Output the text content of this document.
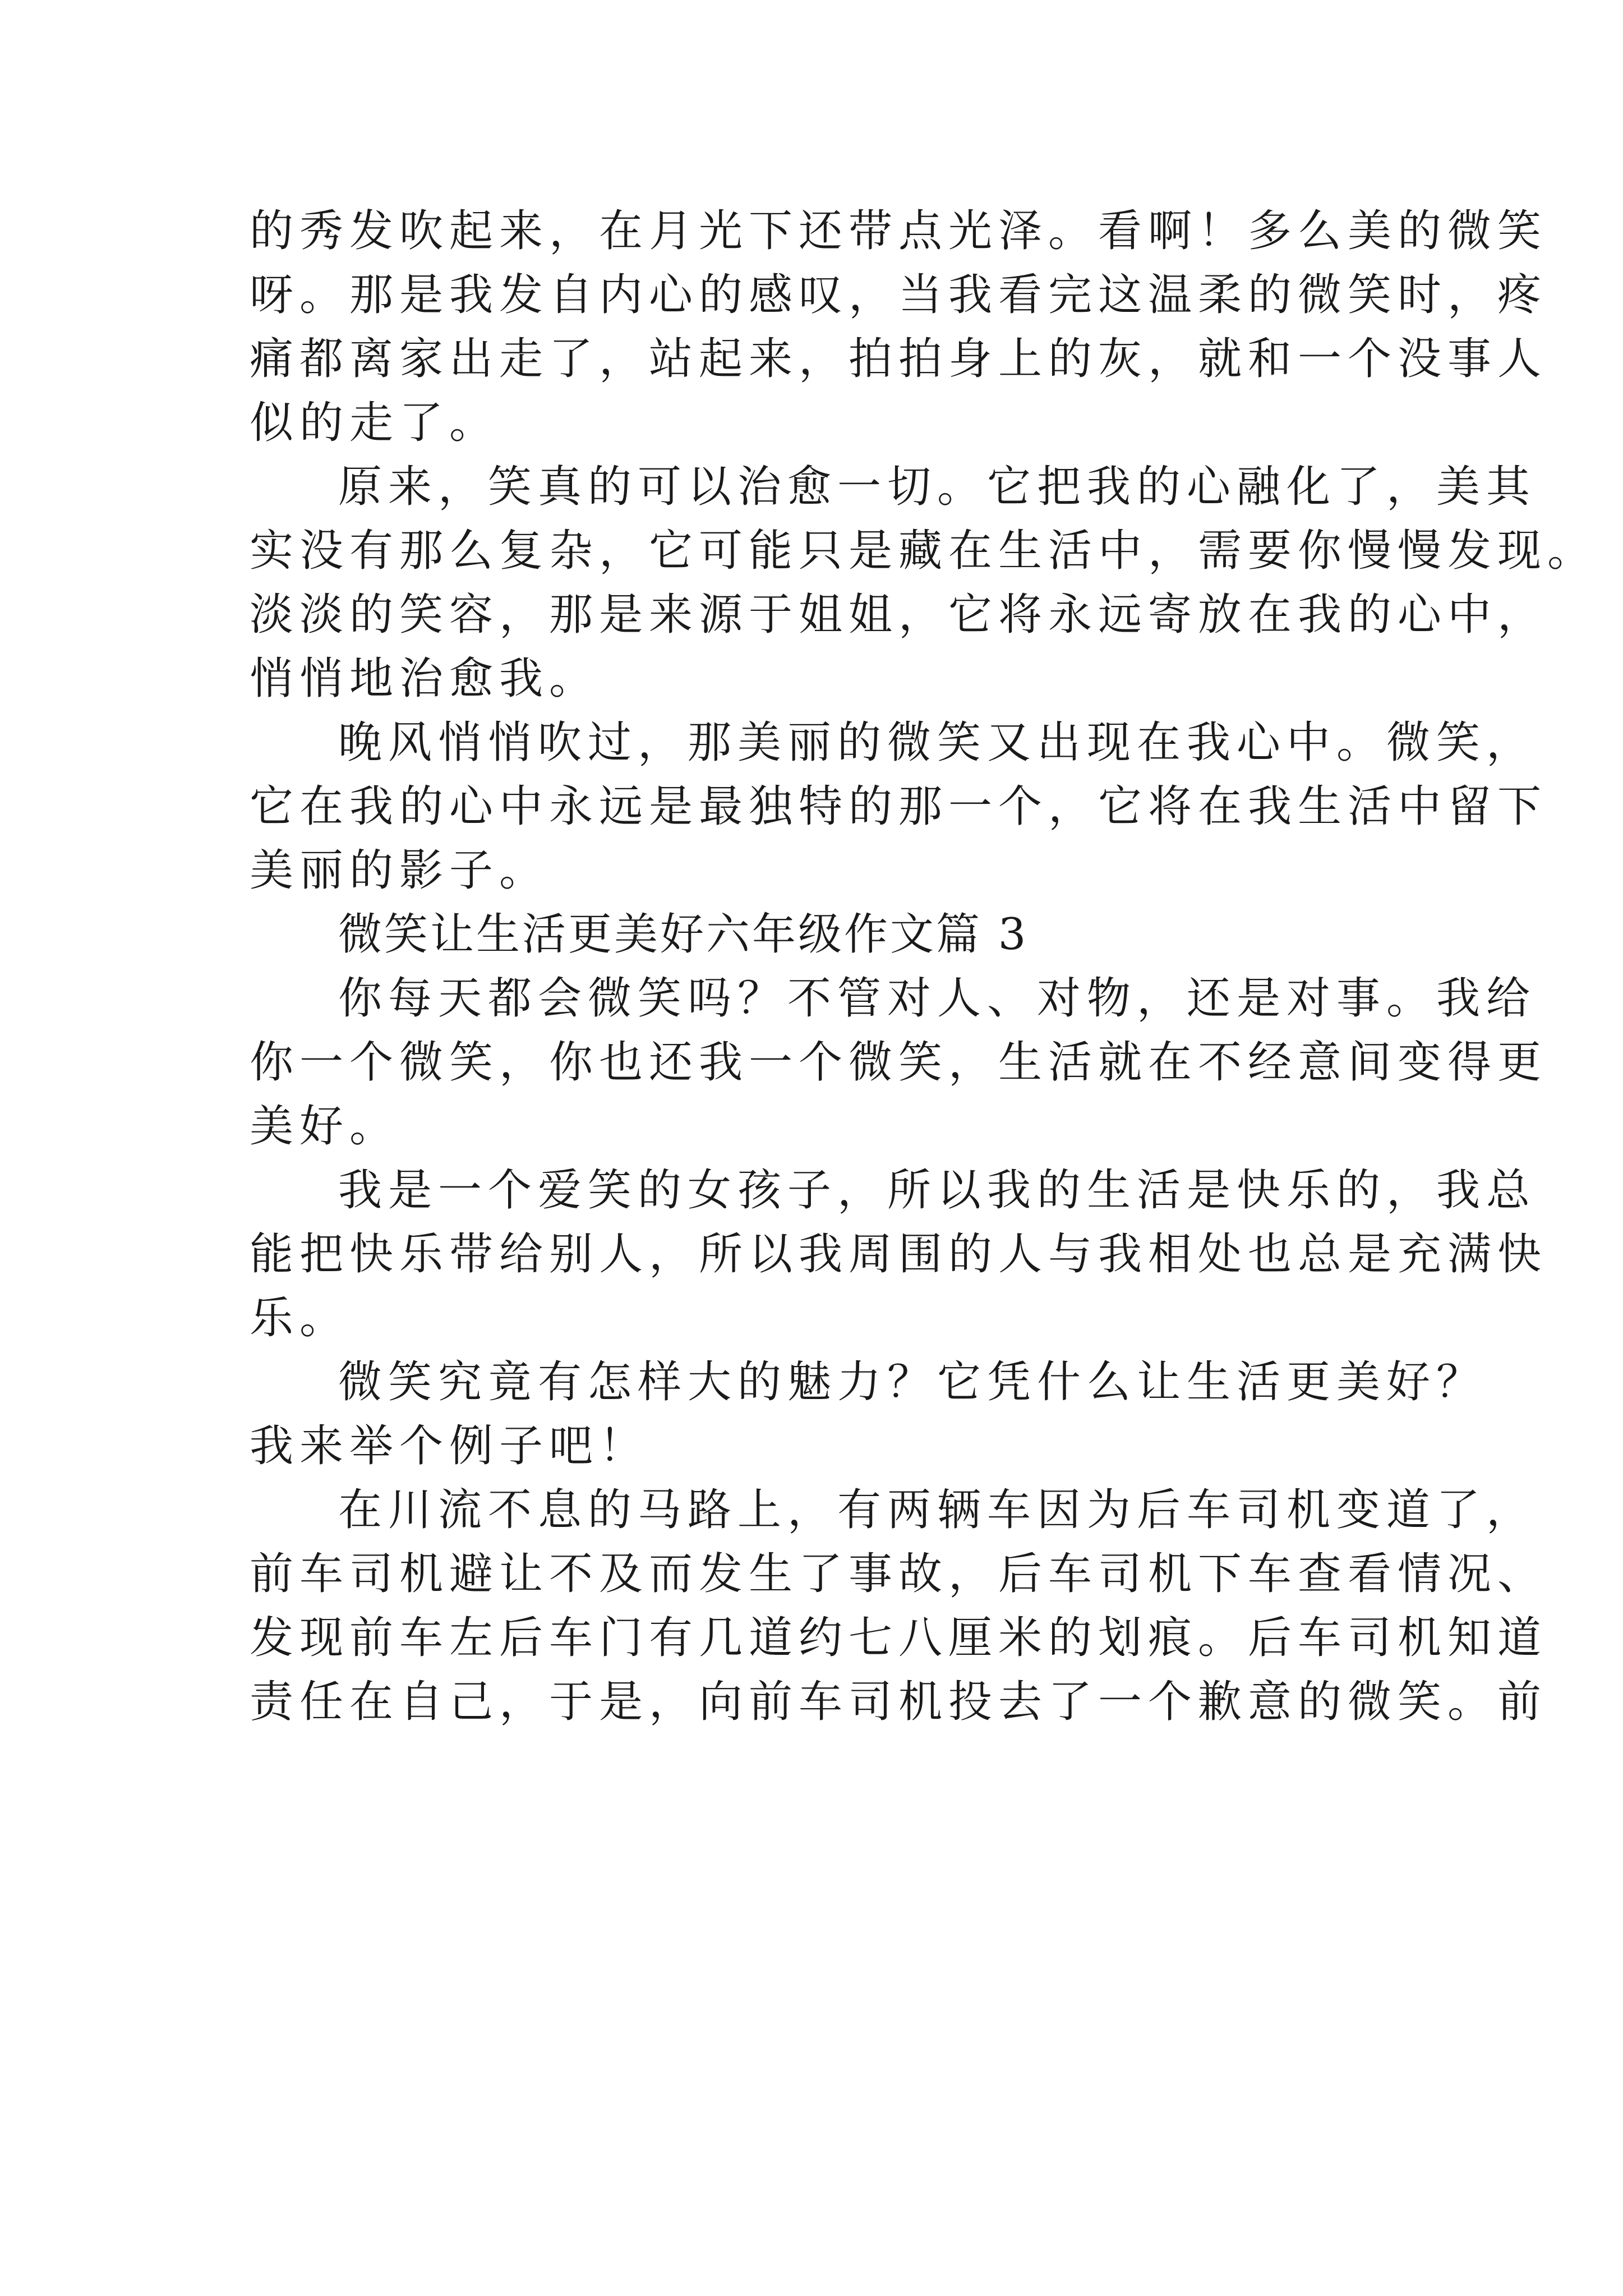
的秀发吹起来，在月光下还带点光泽。看啊！多么美的微笑
呀。那是我发自内心的感叹，当我看完这温柔的微笑时，疼
痛都离家出走了，站起来，拍拍身上的灰，就和一个没事人
似的走了。
原来，笑真的可以治愈一切。它把我的心融化了，美其
实没有那么复杂，它可能只是藏在生活中，需要你慢慢发现。
淡淡的笑容，那是来源于姐姐，它将永远寄放在我的心中，
悄悄地治愈我。
晚风悄悄吹过，那美丽的微笑又出现在我心中。微笑，
它在我的心中永远是最独特的那一个，它将在我生活中留下
美丽的影子。
微笑让生活更美好六年级作文篇 3
你每天都会微笑吗？不管对人、对物，还是对事。我给
你一个微笑，你也还我一个微笑，生活就在不经意间变得更
美好。
我是一个爱笑的女孩子，所以我的生活是快乐的，我总
能把快乐带给别人，所以我周围的人与我相处也总是充满快
乐。
微笑究竟有怎样大的魅力？它凭什么让生活更美好？
我来举个例子吧！
在川流不息的马路上，有两辆车因为后车司机变道了，
前车司机避让不及而发生了事故，后车司机下车查看情况、
发现前车左后车门有几道约七八厘米的划痕。后车司机知道
责任在自己，于是，向前车司机投去了一个歉意的微笑。前
